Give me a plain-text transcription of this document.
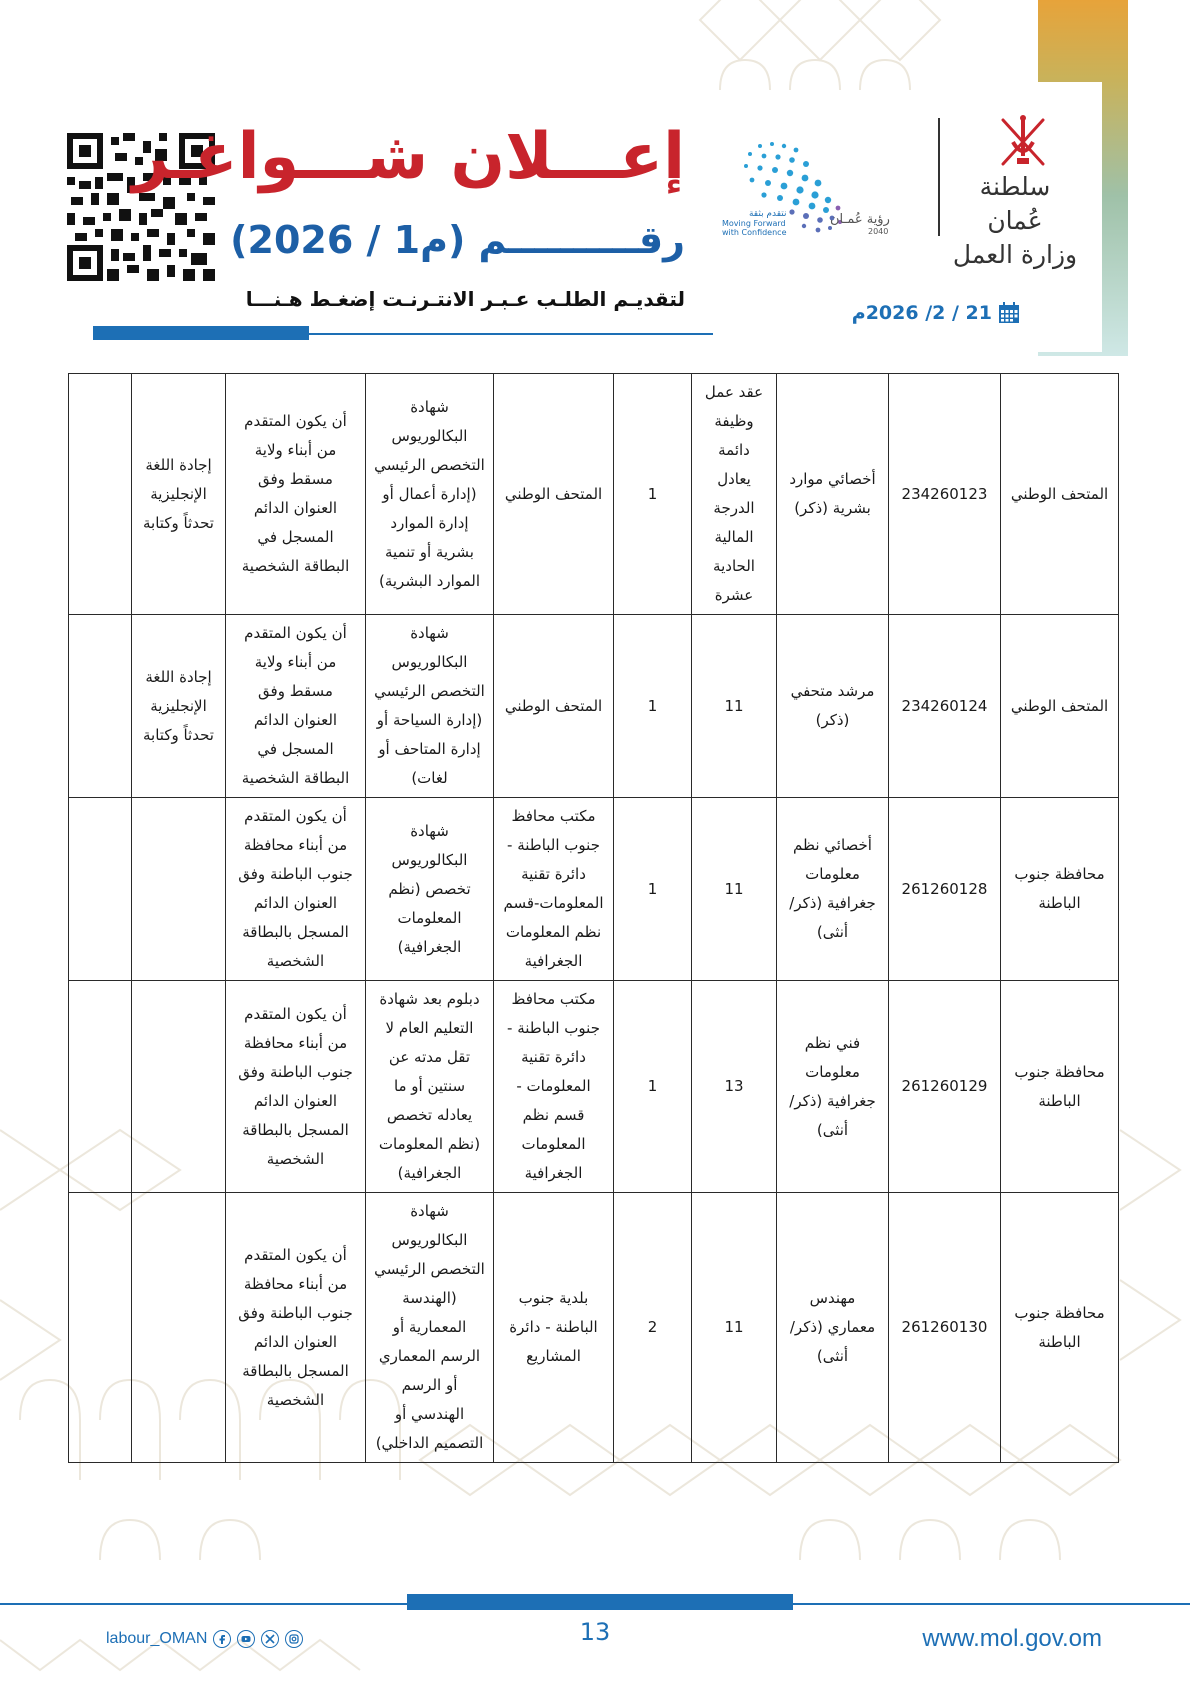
إعـــلان شـــواغـر
رقــــــــــم (م1 / 2026)
لتقديـم الطلـب عـبـر الانتـرنـت إضغـط هـنـــا
21 / 2/ 2026م
رؤية عُمـان
2040
نتقدم بثقة
Moving Forward
with Confidence
سلطنة عُمان
وزارة العمل
المتحف الوطني	234260123	أخصائي موارد بشرية (ذكر)	عقد عمل وظيفة دائمة يعادل الدرجة المالية الحادية عشرة	1	المتحف الوطني	شهادة البكالوريوس التخصص الرئيسي (إدارة أعمال أو إدارة الموارد بشرية أو تنمية الموارد البشرية)	أن يكون المتقدم من أبناء ولاية مسقط وفق العنوان الدائم المسجل في البطاقة الشخصية	إجادة اللغة الإنجليزية تحدثاً وكتابة	
المتحف الوطني	234260124	مرشد متحفي (ذكر)	11	1	المتحف الوطني	شهادة البكالوريوس التخصص الرئيسي (إدارة السياحة أو إدارة المتاحف أو لغات)	أن يكون المتقدم من أبناء ولاية مسقط وفق العنوان الدائم المسجل في البطاقة الشخصية	إجادة اللغة الإنجليزية تحدثاً وكتابة	
محافظة جنوب الباطنة	261260128	أخصائي نظم معلومات جغرافية (ذكر/ أنثى)	11	1	مكتب محافظ جنوب الباطنة - دائرة تقنية المعلومات-قسم نظم المعلومات الجغرافية	شهادة البكالوريوس تخصص (نظم المعلومات الجغرافية)	أن يكون المتقدم من أبناء محافظة جنوب الباطنة وفق العنوان الدائم المسجل بالبطاقة الشخصية		
محافظة جنوب الباطنة	261260129	فني نظم معلومات جغرافية (ذكر/ أنثى)	13	1	مكتب محافظ جنوب الباطنة - دائرة تقنية المعلومات - قسم نظم المعلومات الجغرافية	دبلوم بعد شهادة التعليم العام لا تقل مدته عن سنتين أو ما يعادله تخصص (نظم المعلومات الجغرافية)	أن يكون المتقدم من أبناء محافظة جنوب الباطنة وفق العنوان الدائم المسجل بالبطاقة الشخصية		
محافظة جنوب الباطنة	261260130	مهندس معماري (ذكر/ أنثى)	11	2	بلدية جنوب الباطنة - دائرة المشاريع	شهادة البكالوريوس التخصص الرئيسي (الهندسة المعمارية أو الرسم المعماري أو الرسم الهندسي أو التصميم الداخلي)	أن يكون المتقدم من أبناء محافظة جنوب الباطنة وفق العنوان الدائم المسجل بالبطاقة الشخصية		
13	www.mol.gov.om
labour_OMAN
